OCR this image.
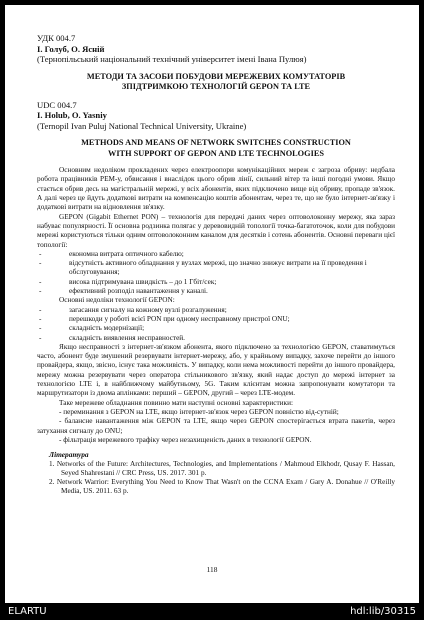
УДК 004.7

І. Голуб, О. Ясній

(Тернопільський національний технічний університет імені Івана Пулюя)

МЕТОДИ ТА ЗАСОБИ ПОБУДОВИ МЕРЕЖЕВИХ КОМУТАТОРІВ

ЗПІДТРИМКОЮ ТЕХНОЛОГІЙ GEPON ТА LTE

UDC 004.7

I. Holub, O. Yasniy

(Ternopil Ivan Puluj National Technical University, Ukraine)

METHODS AND MEANS OF NETWORK SWITCHES CONSTRUCTION

WITH SUPPORT OF GEPON AND LTE TECHNOLOGIES

Основним недоліком прокладених через електроопори комунікаційних мереж є загроза обриву: недбала робота працівників РЕМ-у, обвисання і внаслідок цього обрив лінії, сильний вітер та інші погодні умови. Якщо стається обрив десь на магістральній мережі, у всіх абонентів, яких підключено вище від обриву, пропаде зв'язок. А далі через це йдуть додаткові витрати на компенсацію коштів абонентам, через те, що не було інтернет-зв'язку і додаткові витрати на відновлення зв'язку.

GEPON (Gigabit Ethernet PON) – технологія для передачі даних через оптоволоконну мережу, яка зараз набуває популярності. Її основна родзинка полягає у деревовидній топології точка-багатоточок, коли для побудови мережі користуються тільки одним оптоволоконним каналом для десятків і сотень абонентів. Основні переваги цієї топології:

-	економна витрата оптичного кабелю;
-	відсутність активного обладнання у вузлах мережі, що значно знижує витрати на її проведення і обслуговування;
-	висока підтримувана швидкість – до 1 Гбіт/сек;
-	ефективний розподіл навантаження у каналі.

Основні недоліки технології GEPON:

-	загасання сигналу на кожному вузлі розгалуження;
-	перешкоди у роботі всієї PON при одному несправному пристрої ONU;
-	складність модернізації;
-	складність виявлення несправностей.

Якщо несправності з інтернет-зв'язком абонента, якого підключено за технологією GEPON, ставатимуться часто, абонент буде змушений резервувати інтернет-мережу, або, у крайньому випадку, захоче перейти до іншого провайдера, якщо, звісно, існує така можливість. У випадку, коли нема можливості перейти до іншого провайдера, мережу можна резервувати через оператора стільникового зв'язку, який надає доступ до мережі інтернет за технологією LTE і, в найближчому майбутньому, 5G. Таким клієнтам можна запропонувати комутатори та маршрутизатори із двома аплінками: перший – GEPON, другий – через LTE-модем.

Таке мережеве обладнання повинно мати наступні основні характеристики:

- переминання з GEPON на LTE, якщо інтернет-зв'язок через GEPON повністю від-сутній;

- балансне навантаження між GEPON та LTE, якщо через GEPON спостерігається втрата пакетів, через затухання сигналу до ONU;

- фільтрація мережевого трафіку через незахищеність даних в технології GEPON.

Література

1. Networks of the Future: Architectures, Technologies, and Implementations / Mahmoud Elkhodr, Qusay F. Hassan, Seyed Shahrestani // CRC Press, US. 2017. 301 p.

2. Network Warrior: Everything You Need to Know That Wasn't on the CCNA Exam / Gary A. Donahue // O'Reilly Media, US. 2011. 63 p.

118
ELARTU	hdl:lib/30315
